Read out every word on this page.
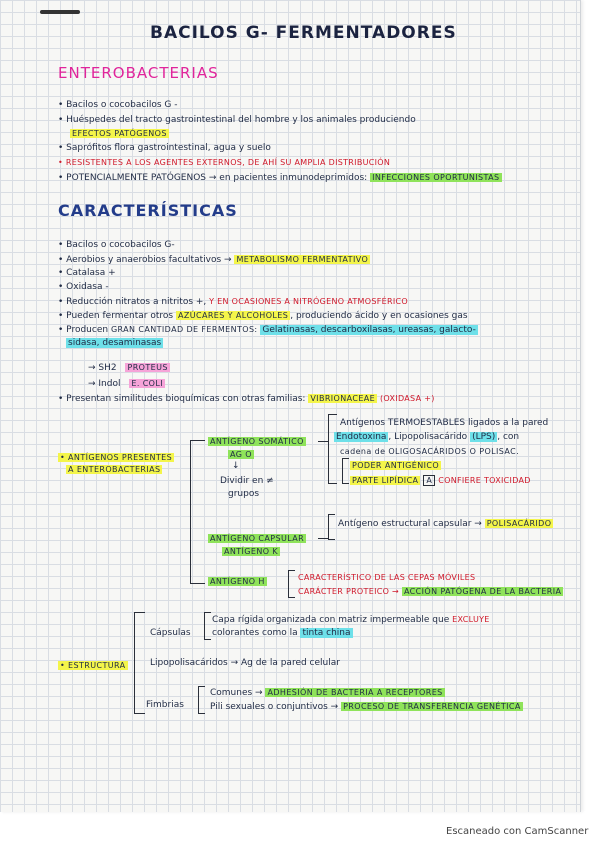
BACILOS G- FERMENTADORES
ENTEROBACTERIAS
• Bacilos o cocobacilos G -
• Huéspedes del tracto gastrointestinal del hombre y los animales produciendo
EFECTOS PATÓGENOS
• Saprófitos flora gastrointestinal, agua y suelo
• RESISTENTES A LOS AGENTES EXTERNOS, DE AHÍ SU AMPLIA DISTRIBUCIÓN
• POTENCIALMENTE PATÓGENOS → en pacientes inmunodeprimidos: INFECCIONES OPORTUNISTAS
CARACTERÍSTICAS
• Bacilos o cocobacilos G-
• Aerobios y anaerobios facultativos → METABOLISMO FERMENTATIVO
• Catalasa +
• Oxidasa -
• Reducción nitratos a nitritos +, Y EN OCASIONES A NITRÓGENO ATMOSFÉRICO
• Pueden fermentar otros AZÚCARES Y ALCOHOLES , produciendo ácido y en ocasiones gas
• Producen GRAN CANTIDAD DE FERMENTOS: Gelatinasas, descarboxilasas, ureasas, galacto-
sidasa, desaminasas
→ SH2 PROTEUS
→ Indol E. COLI
• Presentan similitudes bioquímicas con otras familias: VIBRIONACEAE (OXIDASA +)
• ANTÍGENOS PRESENTES
A ENTEROBACTERIAS
ANTÍGENO SOMÁTICO
AG O
↓
Dividir en ≠
grupos
Antígenos TERMOESTABLES ligados a la pared
Endotoxina , Lipopolisacárido (LPS) , con
cadena de OLIGOSACÁRIDOS O POLISAC.
PODER ANTIGÉNICO
PARTE LIPÍDICA A CONFIERE TOXICIDAD
ANTÍGENO CAPSULAR
ANTÍGENO K
Antígeno estructural capsular → POLISACÁRIDO
ANTÍGENO H	CARACTERÍSTICO DE LAS CEPAS MÓVILES
CARÁCTER PROTEICO → ACCIÓN PATÓGENA DE LA BACTERIA
• ESTRUCTURA
Cápsulas
Capa rígida organizada con matriz impermeable que EXCLUYE
colorantes como la tinta china
Lipopolisacáridos → Ag de la pared celular
Fimbrias
Comunes → ADHESIÓN DE BACTERIA A RECEPTORES
Pili sexuales o conjuntivos → PROCESO DE TRANSFERENCIA GENÉTICA
Escaneado con CamScanner
